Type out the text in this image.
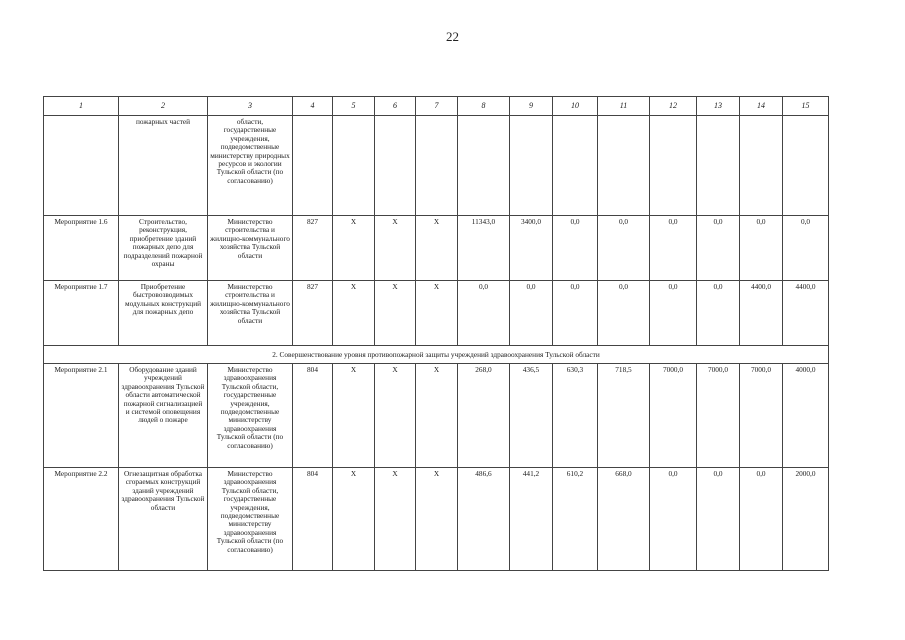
22
1	2	3	4	5	6	7	8	9	10	11	12	13	14	15
	пожарных частей	области, государственные учреждения, подведомственные министерству природных ресурсов и экологии Тульской области (по согласованию)												
Мероприятие 1.6	Строительство, реконструкция, приобретение зданий пожарных депо для подразделений пожарной охраны	Министерство строительства и жилищно-коммунального хозяйства Тульской области	827	X	X	X	11343,0	3400,0	0,0	0,0	0,0	0,0	0,0	0,0
Мероприятие 1.7	Приобретение быстровозводимых модульных конструкций для пожарных депо	Министерство строительства и жилищно-коммунального хозяйства Тульской области	827	X	X	X	0,0	0,0	0,0	0,0	0,0	0,0	4400,0	4400,0
2. Совершенствование уровня противопожарной защиты учреждений здравоохранения Тульской области														
Мероприятие 2.1	Оборудование зданий учреждений здравоохранения Тульской области автоматической пожарной сигнализацией и системой оповещения людей о пожаре	Министерство здравоохранения Тульской области, государственные учреждения, подведомственные министерству здравоохранения Тульской области (по согласованию)	804	X	X	X	268,0	436,5	630,3	718,5	7000,0	7000,0	7000,0	4000,0
Мероприятие 2.2	Огнезащитная обработка сгораемых конструкций зданий учреждений здравоохранения Тульской области	Министерство здравоохранения Тульской области, государственные учреждения, подведомственные министерству здравоохранения Тульской области (по согласованию)	804	X	X	X	486,6	441,2	610,2	668,0	0,0	0,0	0,0	2000,0
